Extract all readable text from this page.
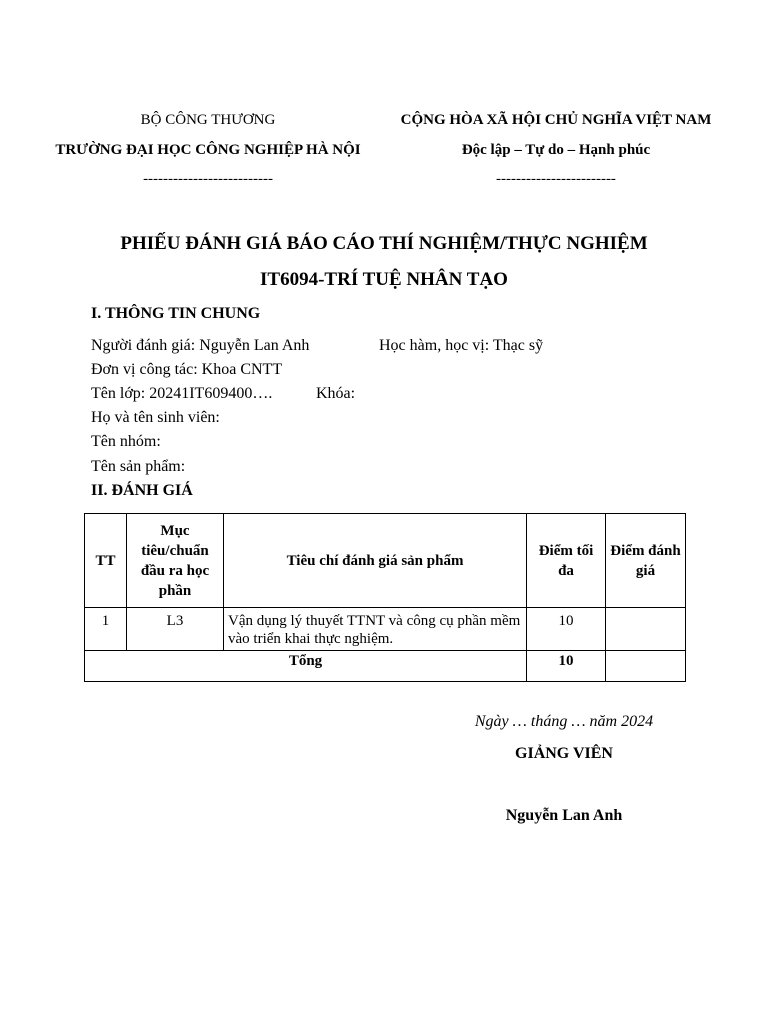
BỘ CÔNG THƯƠNG
TRƯỜNG ĐẠI HỌC CÔNG NGHIỆP HÀ NỘI
--------------------------
CỘNG HÒA XÃ HỘI CHỦ NGHĨA VIỆT NAM
Độc lập – Tự do – Hạnh phúc
------------------------
PHIẾU ĐÁNH GIÁ BÁO CÁO THÍ NGHIỆM/THỰC NGHIỆM
IT6094-TRÍ TUỆ NHÂN TẠO
I. THÔNG TIN CHUNG
Người đánh giá: Nguyễn Lan Anh	Học hàm, học vị: Thạc sỹ
Đơn vị công tác: Khoa CNTT
Tên lớp: 20241IT609400….	Khóa:
Họ và tên sinh viên:
Tên nhóm:
Tên sản phẩm:
II. ĐÁNH GIÁ
TT	Mục tiêu/chuẩn đầu ra học phần	Tiêu chí đánh giá sản phẩm	Điểm tối đa	Điểm đánh giá
1	L3	Vận dụng lý thuyết TTNT và công cụ phần mềm vào triển khai thực nghiệm.	10	
Tổng			10	
Ngày … tháng … năm 2024
GIẢNG VIÊN
Nguyễn Lan Anh
